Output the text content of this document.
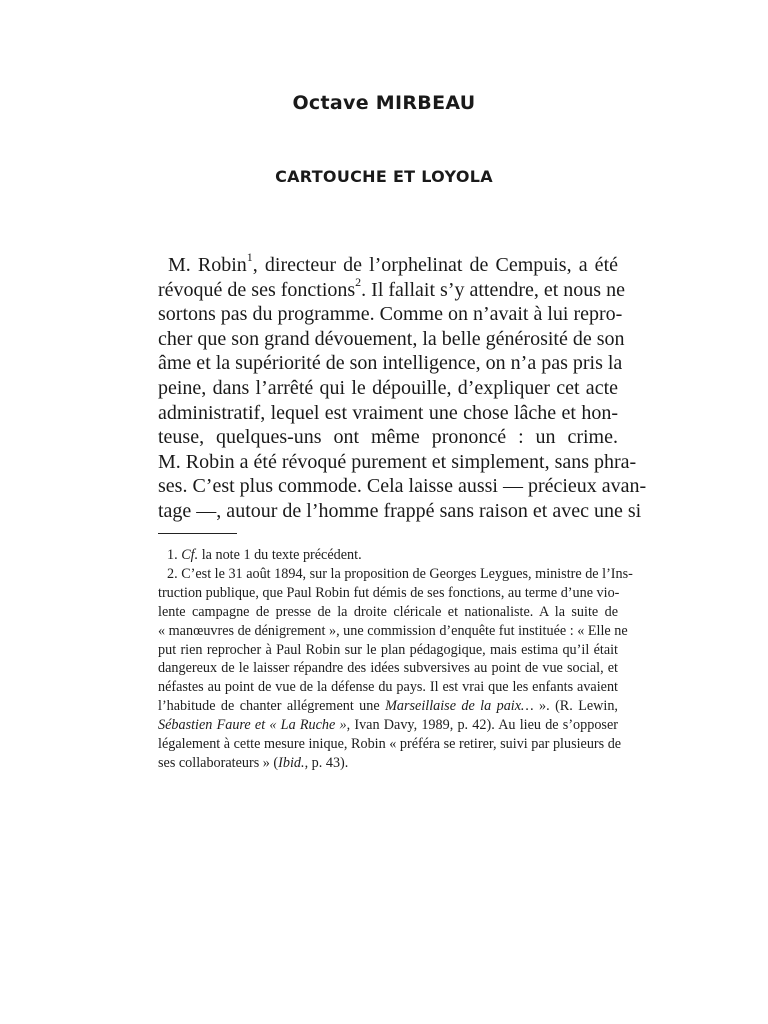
Octave MIRBEAU
CARTOUCHE ET LOYOLA
M. Robin$^1$, directeur de l’orphelinat de Cempuis, a été
révoqué de ses fonctions$^2$. Il fallait s’y attendre, et nous ne
sortons pas du programme. Comme on n’avait à lui repro-
cher que son grand dévouement, la belle générosité de son
âme et la supériorité de son intelligence, on n’a pas pris la
peine, dans l’arrêté qui le dépouille, d’expliquer cet acte
administratif, lequel est vraiment une chose lâche et hon-
teuse, quelques-uns ont même prononcé : un crime.
M. Robin a été révoqué purement et simplement, sans phra-
ses. C’est plus commode. Cela laisse aussi — précieux avan-
tage —, autour de l’homme frappé sans raison et avec une si
1. Cf. la note 1 du texte précédent.
2. C’est le 31 août 1894, sur la proposition de Georges Leygues, ministre de l’Ins-
truction publique, que Paul Robin fut démis de ses fonctions, au terme d’une vio-
lente campagne de presse de la droite cléricale et nationaliste. A la suite de
« manœuvres de dénigrement », une commission d’enquête fut instituée : « Elle ne
put rien reprocher à Paul Robin sur le plan pédagogique, mais estima qu’il était
dangereux de le laisser répandre des idées subversives au point de vue social, et
néfastes au point de vue de la défense du pays. Il est vrai que les enfants avaient
l’habitude de chanter allégrement une Marseillaise de la paix… ». (R. Lewin,
Sébastien Faure et « La Ruche », Ivan Davy, 1989, p. 42). Au lieu de s’opposer
légalement à cette mesure inique, Robin « préféra se retirer, suivi par plusieurs de
ses collaborateurs » (Ibid., p. 43).
